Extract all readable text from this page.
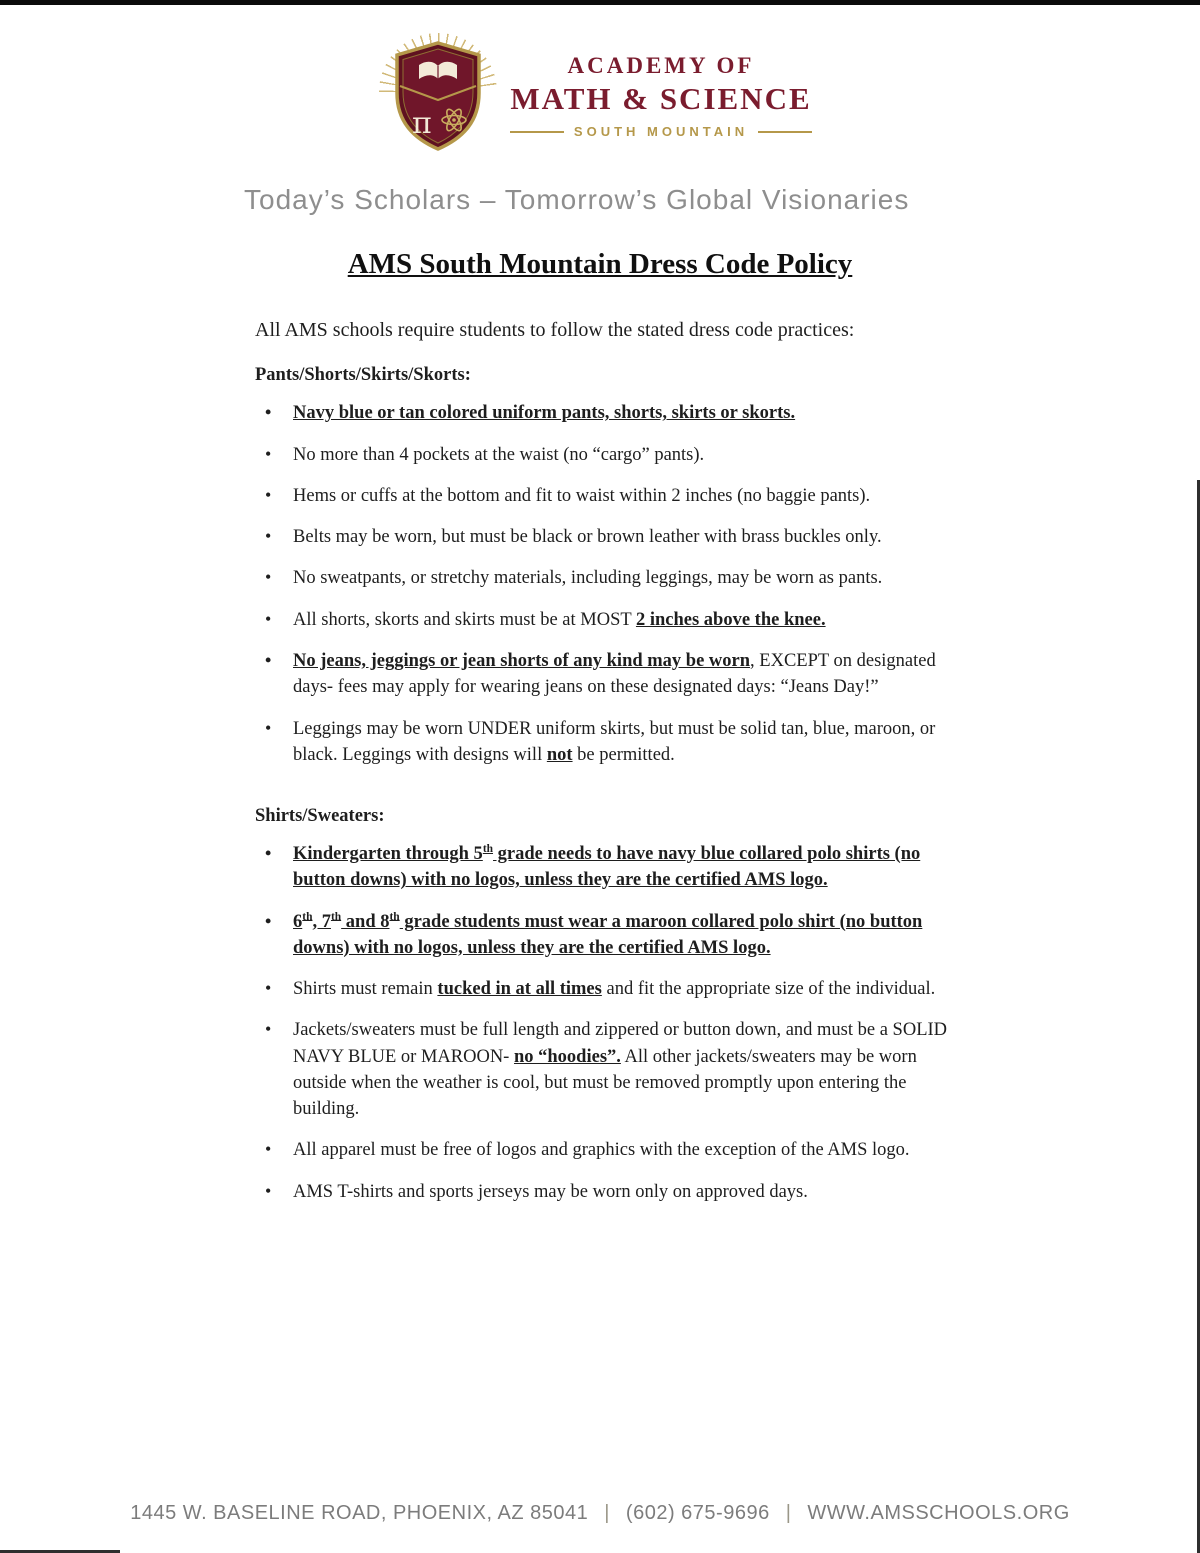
π
ACADEMY OF
MATH & SCIENCE
SOUTH MOUNTAIN
Today’s Scholars – Tomorrow’s Global Visionaries
AMS South Mountain Dress Code Policy

All AMS schools require students to follow the stated dress code practices:

Pants/Shorts/Skirts/Skorts:
• Navy blue or tan colored uniform pants, shorts, skirts or skorts.
• No more than 4 pockets at the waist (no “cargo” pants).
• Hems or cuffs at the bottom and fit to waist within 2 inches (no baggie pants).
• Belts may be worn, but must be black or brown leather with brass buckles only.
• No sweatpants, or stretchy materials, including leggings, may be worn as pants.
• All shorts, skorts and skirts must be at MOST 2 inches above the knee.
• No jeans, jeggings or jean shorts of any kind may be worn, EXCEPT on designated days- fees may apply for wearing jeans on these designated days: “Jeans Day!”
• Leggings may be worn UNDER uniform skirts, but must be solid tan, blue, maroon, or black. Leggings with designs will not be permitted.
Shirts/Sweaters:
• Kindergarten through 5th grade needs to have navy blue collared polo shirts (no button downs) with no logos, unless they are the certified AMS logo.
• 6th, 7th and 8th grade students must wear a maroon collared polo shirt (no button downs) with no logos, unless they are the certified AMS logo.
• Shirts must remain tucked in at all times and fit the appropriate size of the individual.
• Jackets/sweaters must be full length and zippered or button down, and must be a SOLID NAVY BLUE or MAROON- no “hoodies”. All other jackets/sweaters may be worn outside when the weather is cool, but must be removed promptly upon entering the building.
• All apparel must be free of logos and graphics with the exception of the AMS logo.
• AMS T-shirts and sports jerseys may be worn only on approved days.
1445 W. BASELINE ROAD, PHOENIX, AZ 85041 | (602) 675-9696 | WWW.AMSSCHOOLS.ORG
